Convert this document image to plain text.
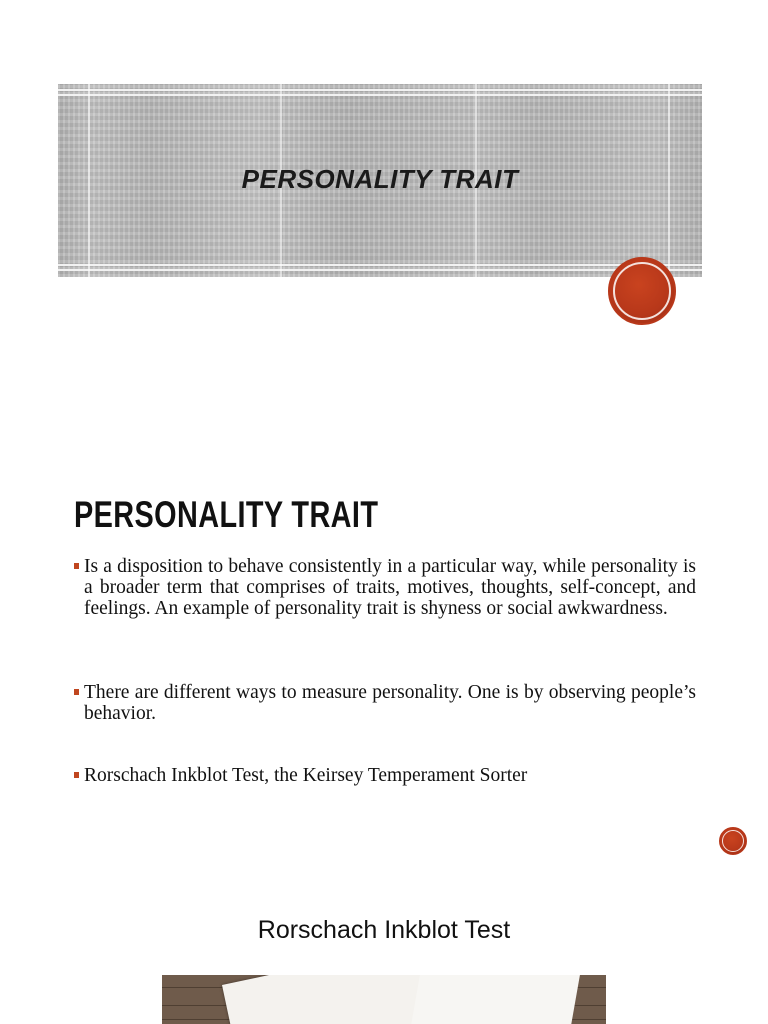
PERSONALITY TRAIT
PERSONALITY TRAIT
Is a disposition to behave consistently in a particular way, while personality is a broader term that comprises of traits, motives, thoughts, self-concept, and feelings. An example of personality trait is shyness or social awkwardness.
There are different ways to measure personality. One is by observing people’s behavior.
Rorschach Inkblot Test, the Keirsey Temperament Sorter
Rorschach Inkblot Test
